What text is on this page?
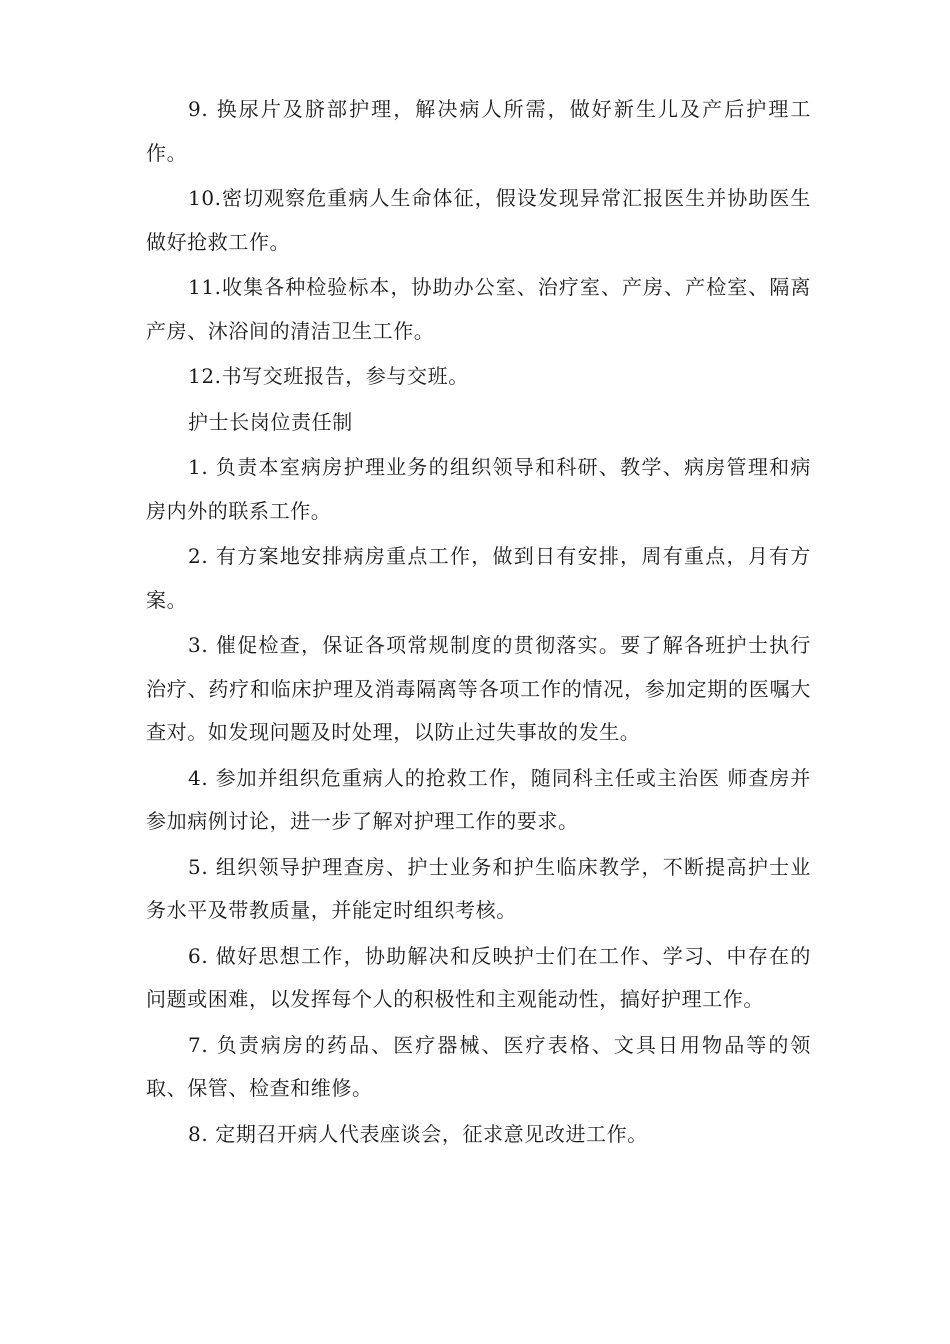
9. 换尿片及脐部护理，解决病人所需，做好新生儿及产后护理工作。

10.密切观察危重病人生命体征，假设发现异常汇报医生并协助医生做好抢救工作。

11.收集各种检验标本，协助办公室、治疗室、产房、产检室、隔离产房、沐浴间的清洁卫生工作。

12.书写交班报告，参与交班。

护士长岗位责任制

1. 负责本室病房护理业务的组织领导和科研、教学、病房管理和病房内外的联系工作。

2. 有方案地安排病房重点工作，做到日有安排，周有重点，月有方案。

3. 催促检查，保证各项常规制度的贯彻落实。要了解各班护士执行治疗、药疗和临床护理及消毒隔离等各项工作的情况，参加定期的医嘱大查对。如发现问题及时处理，以防止过失事故的发生。

4. 参加并组织危重病人的抢救工作，随同科主任或主治医 师查房并参加病例讨论，进一步了解对护理工作的要求。

5. 组织领导护理查房、护士业务和护生临床教学，不断提高护士业务水平及带教质量，并能定时组织考核。

6. 做好思想工作，协助解决和反映护士们在工作、学习、中存在的问题或困难，以发挥每个人的积极性和主观能动性，搞好护理工作。

7. 负责病房的药品、医疗器械、医疗表格、文具日用物品等的领取、保管、检查和维修。

8. 定期召开病人代表座谈会，征求意见改进工作。
